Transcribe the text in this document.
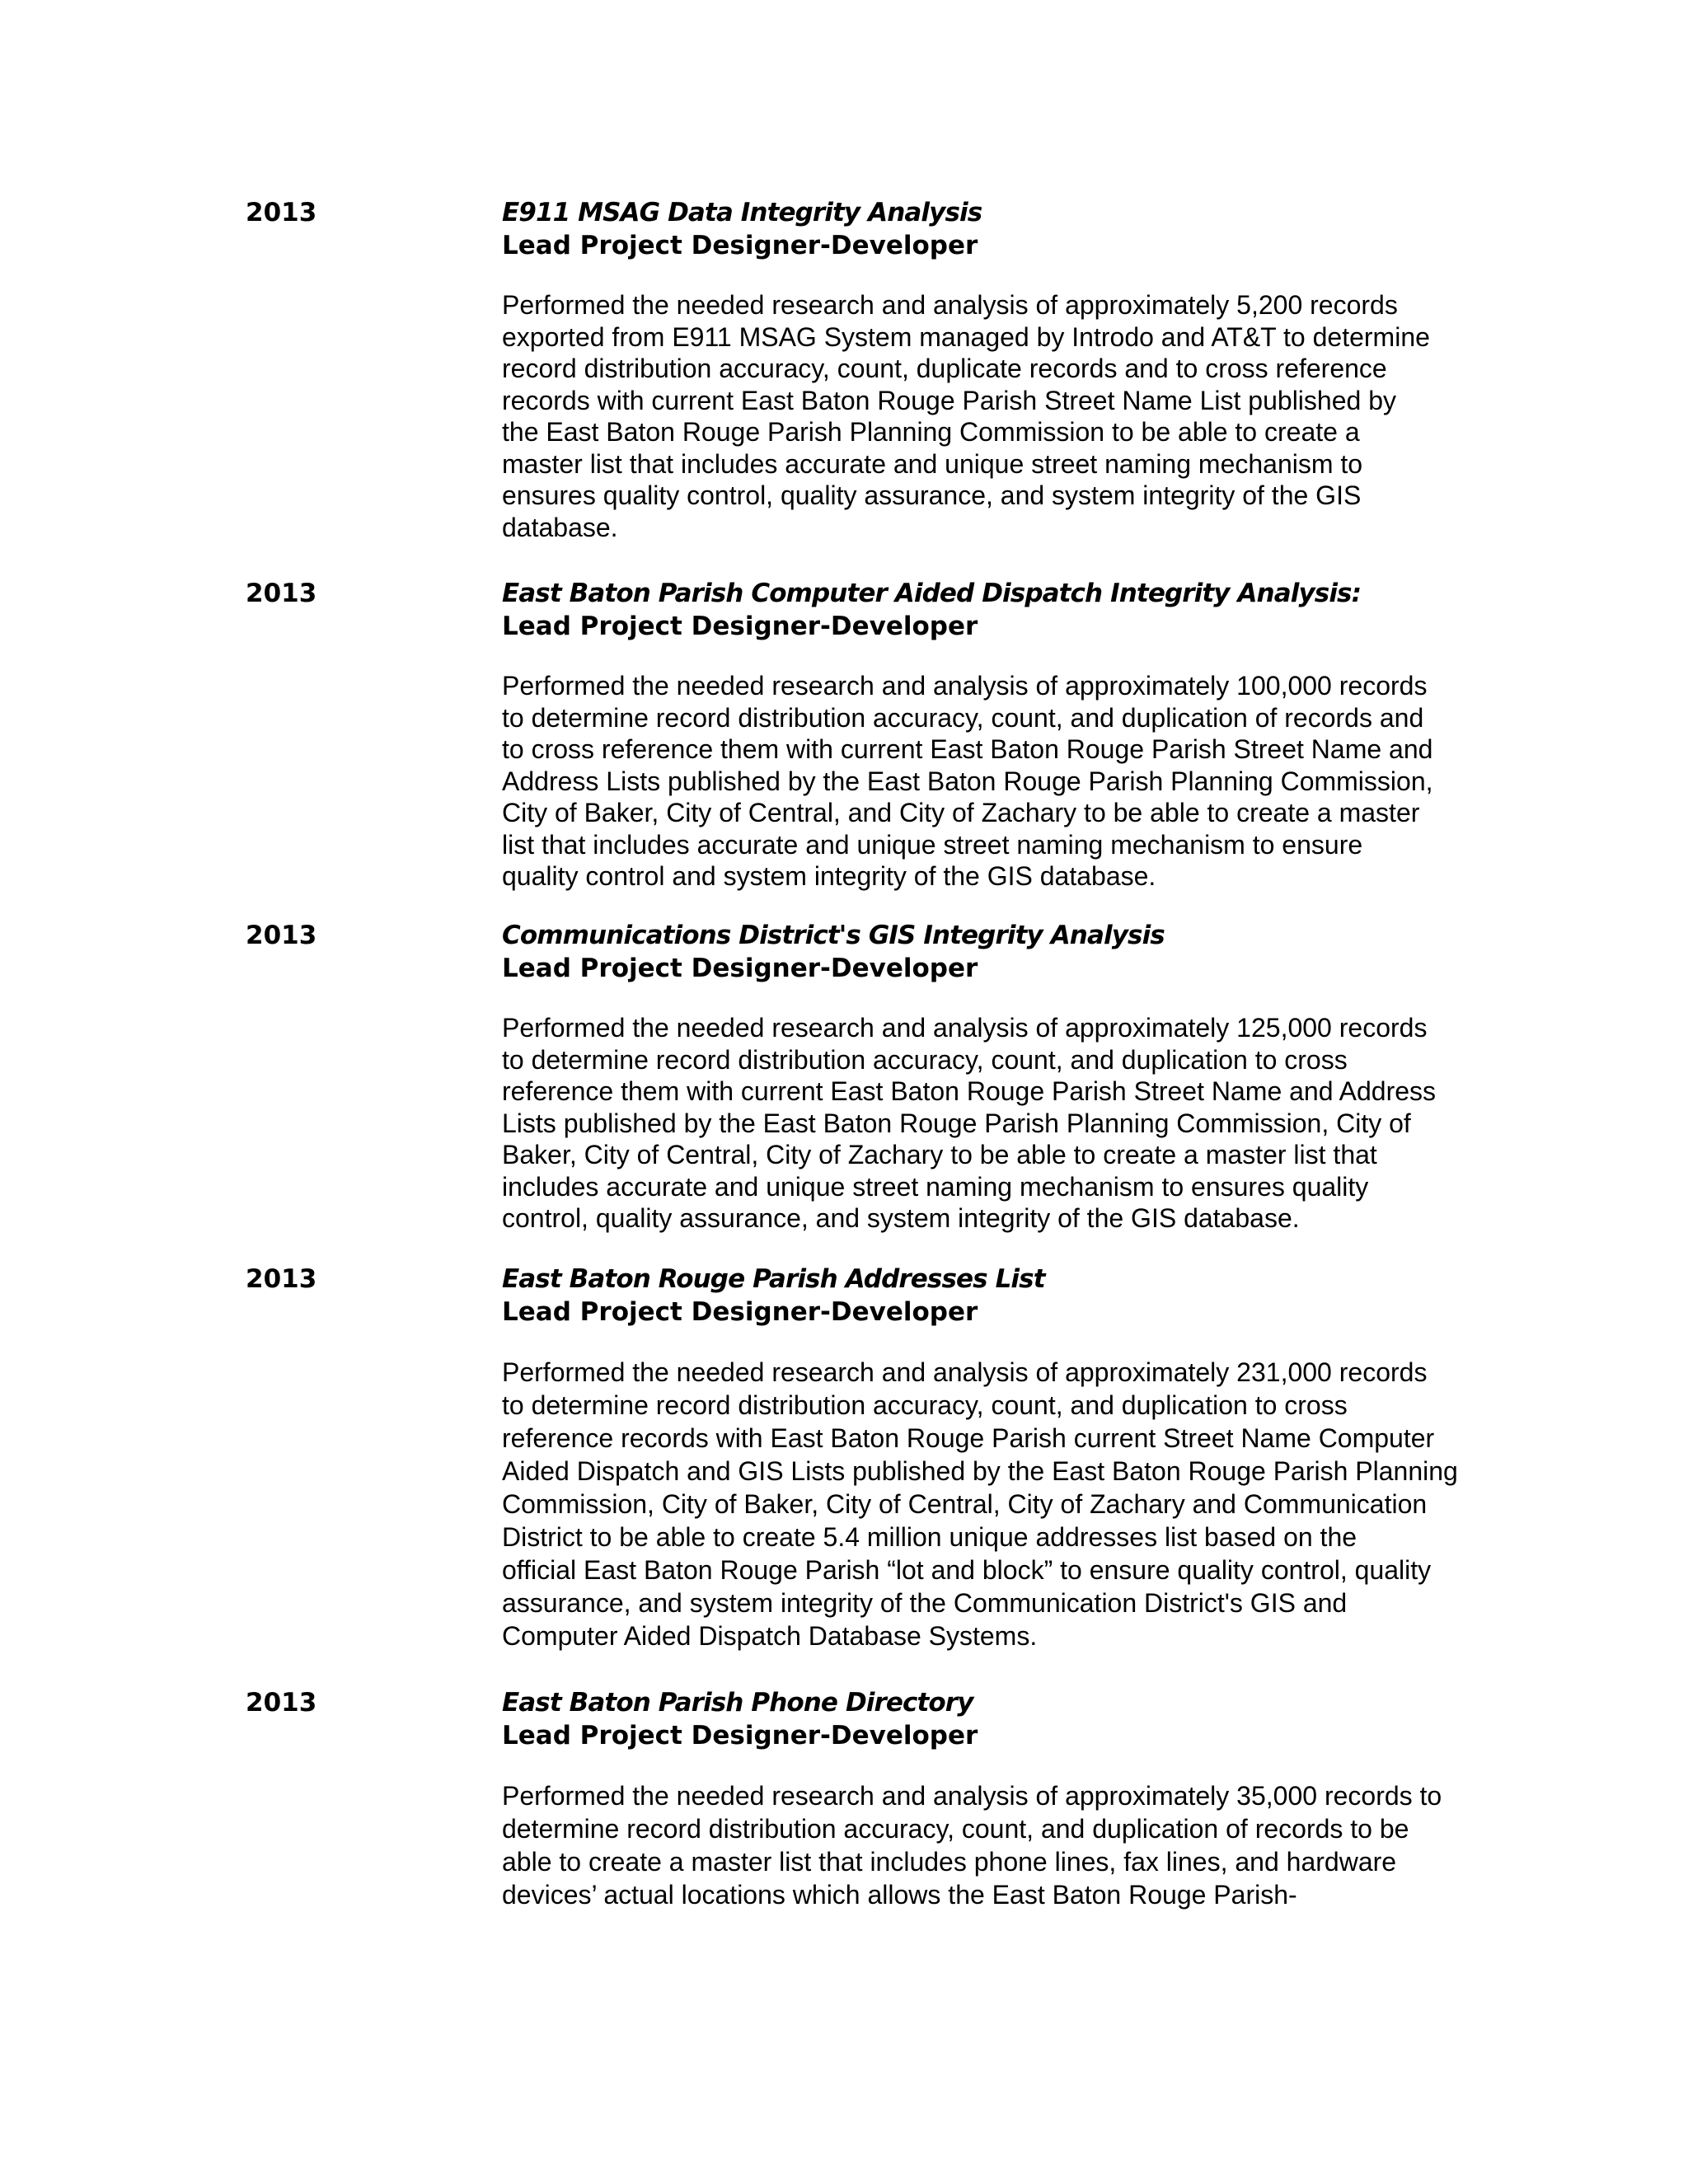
2013	E911 MSAG Data Integrity Analysis
Lead Project Designer-Developer
Performed the needed research and analysis of approximately 5,200 records
exported from E911 MSAG System managed by Introdo and AT&T to determine
record distribution accuracy, count, duplicate records and to cross reference
records with current East Baton Rouge Parish Street Name List published by
the East Baton Rouge Parish Planning Commission to be able to create a
master list that includes accurate and unique street naming mechanism to
ensures quality control, quality assurance, and system integrity of the GIS
database.
2013	East Baton Parish Computer Aided Dispatch Integrity Analysis:
Lead Project Designer-Developer
Performed the needed research and analysis of approximately 100,000 records
to determine record distribution accuracy, count, and duplication of records and
to cross reference them with current East Baton Rouge Parish Street Name and
Address Lists published by the East Baton Rouge Parish Planning Commission,
City of Baker, City of Central, and City of Zachary to be able to create a master
list that includes accurate and unique street naming mechanism to ensure
quality control and system integrity of the GIS database.
2013	Communications District's GIS Integrity Analysis
Lead Project Designer-Developer
Performed the needed research and analysis of approximately 125,000 records
to determine record distribution accuracy, count, and duplication to cross
reference them with current East Baton Rouge Parish Street Name and Address
Lists published by the East Baton Rouge Parish Planning Commission, City of
Baker, City of Central, City of Zachary to be able to create a master list that
includes accurate and unique street naming mechanism to ensures quality
control, quality assurance, and system integrity of the GIS database.
2013	East Baton Rouge Parish Addresses List
Lead Project Designer-Developer
Performed the needed research and analysis of approximately 231,000 records
to determine record distribution accuracy, count, and duplication to cross
reference records with East Baton Rouge Parish current Street Name Computer
Aided Dispatch and GIS Lists published by the East Baton Rouge Parish Planning
Commission, City of Baker, City of Central, City of Zachary and Communication
District to be able to create 5.4 million unique addresses list based on the
official East Baton Rouge Parish “lot and block” to ensure quality control, quality
assurance, and system integrity of the Communication District's GIS and
Computer Aided Dispatch Database Systems.
2013	East Baton Parish Phone Directory
Lead Project Designer-Developer
Performed the needed research and analysis of approximately 35,000 records to
determine record distribution accuracy, count, and duplication of records to be
able to create a master list that includes phone lines, fax lines, and hardware
devices’ actual locations which allows the East Baton Rouge Parish-
